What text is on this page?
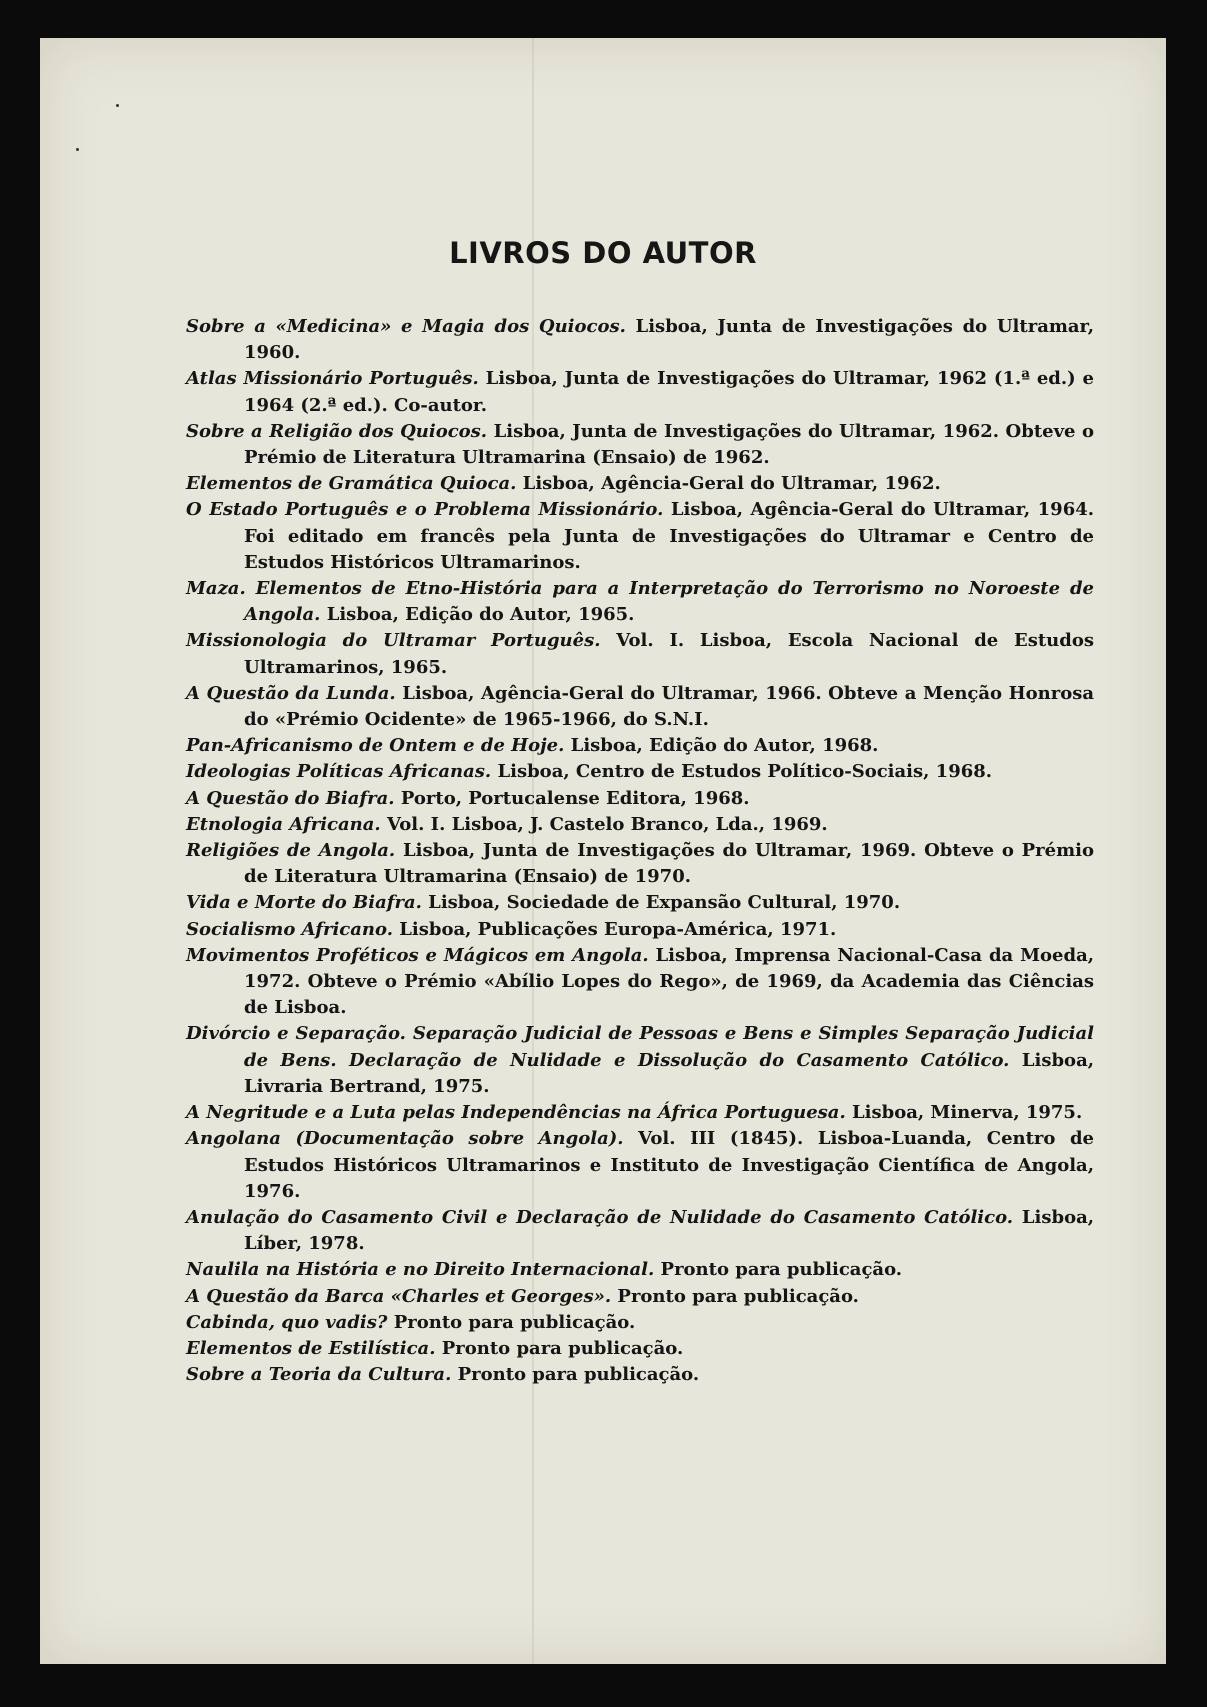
LIVROS DO AUTOR
Sobre a «Medicina» e Magia dos Quiocos. Lisboa, Junta de Investigações do Ultramar, 1960.
Atlas Missionário Português. Lisboa, Junta de Investigações do Ultramar, 1962 (1.ª ed.) e 1964 (2.ª ed.). Co-autor.
Sobre a Religião dos Quiocos. Lisboa, Junta de Investigações do Ultramar, 1962. Obteve o Prémio de Literatura Ultramarina (Ensaio) de 1962.
Elementos de Gramática Quioca. Lisboa, Agência-Geral do Ultramar, 1962.
O Estado Português e o Problema Missionário. Lisboa, Agência-Geral do Ultramar, 1964. Foi editado em francês pela Junta de Investigações do Ultramar e Centro de Estudos Históricos Ultramarinos.
Maza. Elementos de Etno-História para a Interpretação do Terrorismo no Noroeste de Angola. Lisboa, Edição do Autor, 1965.
Missionologia do Ultramar Português. Vol. I. Lisboa, Escola Nacional de Estudos Ultramarinos, 1965.
A Questão da Lunda. Lisboa, Agência-Geral do Ultramar, 1966. Obteve a Menção Honrosa do «Prémio Ocidente» de 1965-1966, do S.N.I.
Pan-Africanismo de Ontem e de Hoje. Lisboa, Edição do Autor, 1968.
Ideologias Políticas Africanas. Lisboa, Centro de Estudos Político-Sociais, 1968.
A Questão do Biafra. Porto, Portucalense Editora, 1968.
Etnologia Africana. Vol. I. Lisboa, J. Castelo Branco, Lda., 1969.
Religiões de Angola. Lisboa, Junta de Investigações do Ultramar, 1969. Obteve o Prémio de Literatura Ultramarina (Ensaio) de 1970.
Vida e Morte do Biafra. Lisboa, Sociedade de Expansão Cultural, 1970.
Socialismo Africano. Lisboa, Publicações Europa-América, 1971.
Movimentos Proféticos e Mágicos em Angola. Lisboa, Imprensa Nacional-Casa da Moeda, 1972. Obteve o Prémio «Abílio Lopes do Rego», de 1969, da Academia das Ciências de Lisboa.
Divórcio e Separação. Separação Judicial de Pessoas e Bens e Simples Separação Judicial de Bens. Declaração de Nulidade e Dissolução do Casamento Católico. Lisboa, Livraria Bertrand, 1975.
A Negritude e a Luta pelas Independências na África Portuguesa. Lisboa, Minerva, 1975.
Angolana (Documentação sobre Angola). Vol. III (1845). Lisboa-Luanda, Centro de Estudos Históricos Ultramarinos e Instituto de Investigação Científica de Angola, 1976.
Anulação do Casamento Civil e Declaração de Nulidade do Casamento Católico. Lisboa, Líber, 1978.
Naulila na História e no Direito Internacional. Pronto para publicação.
A Questão da Barca «Charles et Georges». Pronto para publicação.
Cabinda, quo vadis? Pronto para publicação.
Elementos de Estilística. Pronto para publicação.
Sobre a Teoria da Cultura. Pronto para publicação.
